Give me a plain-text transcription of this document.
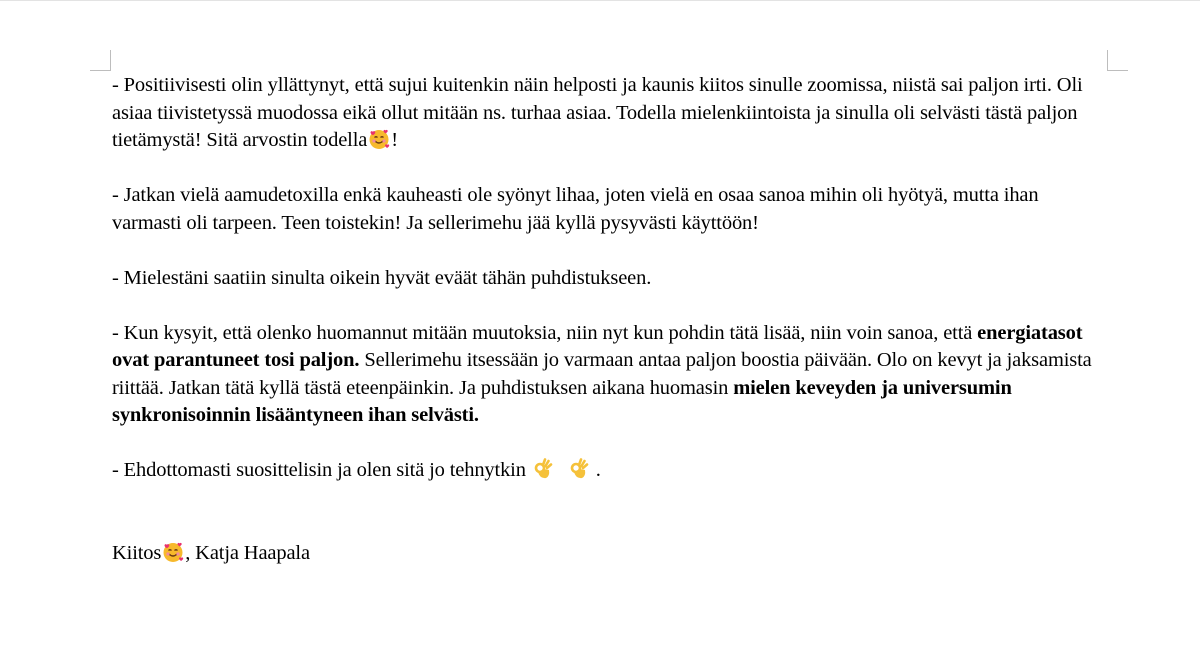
- Positiivisesti olin yllättynyt, että sujui kuitenkin näin helposti ja kaunis kiitos sinulle zoomissa, niistä sai paljon irti. Oli asiaa tiivistetyssä muodossa eikä ollut mitään ns. turhaa asiaa. Todella mielenkiintoista ja sinulla oli selvästi tästä paljon tietämystä! Sitä arvostin todella !

- Jatkan vielä aamudetoxilla enkä kauheasti ole syönyt lihaa, joten vielä en osaa sanoa mihin oli hyötyä, mutta ihan varmasti oli tarpeen. Teen toistekin! Ja sellerimehu jää kyllä pysyvästi käyttöön!

- Mielestäni saatiin sinulta oikein hyvät eväät tähän puhdistukseen.

- Kun kysyit, että olenko huomannut mitään muutoksia, niin nyt kun pohdin tätä lisää, niin voin sanoa, että energiatasot ovat parantuneet tosi paljon. Sellerimehu itsessään jo varmaan antaa paljon boostia päivään. Olo on kevyt ja jaksamista riittää. Jatkan tätä kyllä tästä eteenpäinkin. Ja puhdistuksen aikana huomasin mielen keveyden ja universumin synkronisoinnin lisääntyneen ihan selvästi.

- Ehdottomasti suosittelisin ja olen sitä jo tehnytkin	.

Kiitos , Katja Haapala
